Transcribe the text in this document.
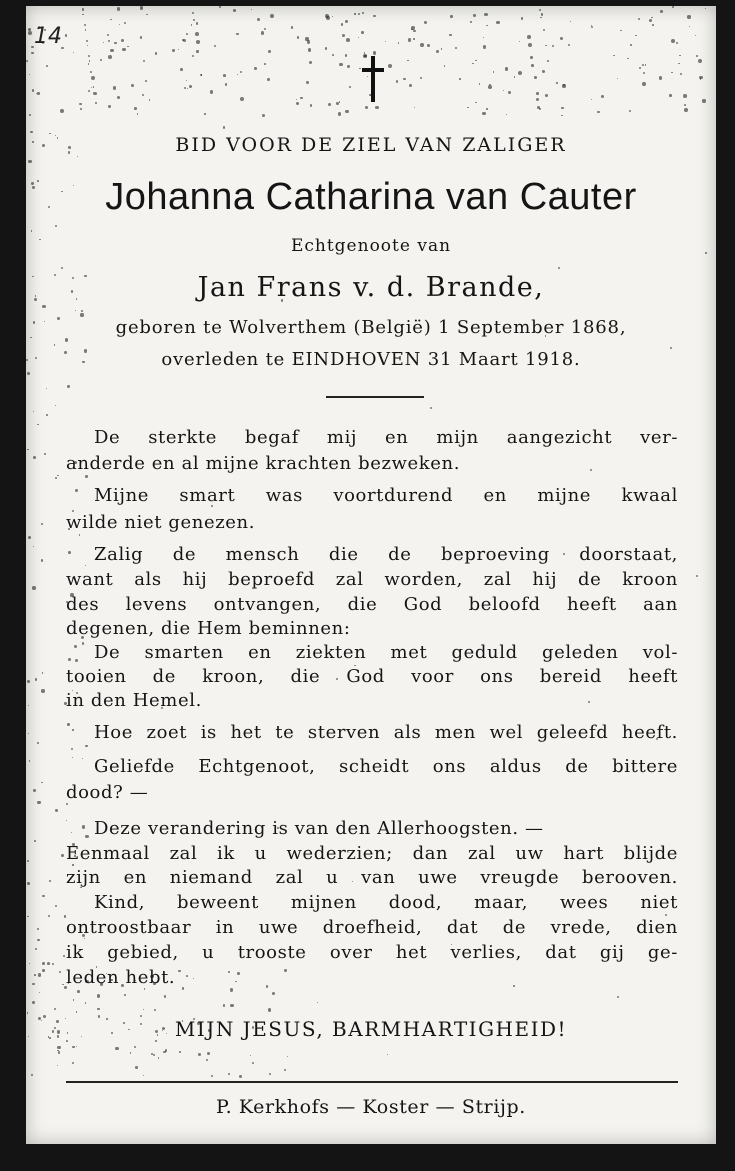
14
BID VOOR DE ZIEL VAN ZALIGER
Johanna Catharina van Cauter
Echtgenoote van
Jan Frans v. d. Brande,
geboren te Wolverthem (België) 1 September 1868,
overleden te EINDHOVEN 31 Maart 1918.
De sterkte begaf mij en mijn aangezicht ver-
anderde en al mijne krachten bezweken.
Mijne smart was voortdurend en mijne kwaal
wilde niet genezen.
Zalig de mensch die de beproeving doorstaat,
want als hij beproefd zal worden, zal hij de kroon
des levens ontvangen, die God beloofd heeft aan
degenen, die Hem beminnen:
De smarten en ziekten met geduld geleden vol-
tooien de kroon, die God voor ons bereid heeft
in den Hemel.
Hoe zoet is het te sterven als men wel geleefd heeft.
Geliefde Echtgenoot, scheidt ons aldus de bittere
dood? —
Deze verandering is van den Allerhoogsten. —
Eenmaal zal ik u wederzien; dan zal uw hart blijde
zijn en niemand zal u van uwe vreugde berooven.
Kind, beweent mijnen dood, maar, wees niet
ontroostbaar in uwe droefheid, dat de vrede, dien
ik gebied, u trooste over het verlies, dat gij ge-
leden hebt.
MIJN JESUS, BARMHARTIGHEID!
P. Kerkhofs — Koster — Strijp.
